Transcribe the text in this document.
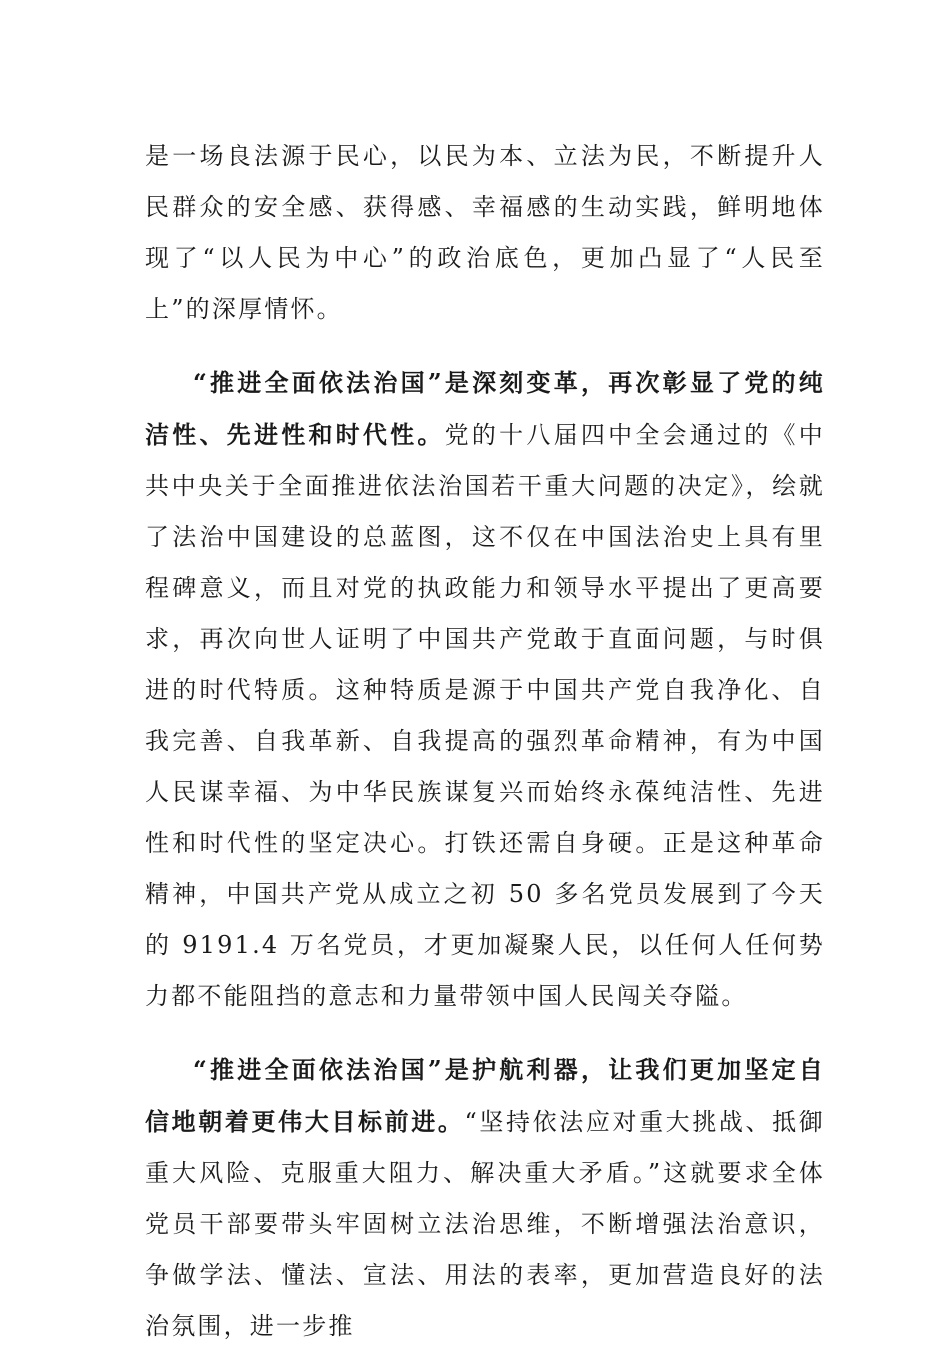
是一场良法源于民心，以民为本、立法为民，不断提升人民群众的安全感、获得感、幸福感的生动实践，鲜明地体现了“以人民为中心”的政治底色，更加凸显了“人民至上”的深厚情怀。

“推进全面依法治国”是深刻变革，再次彰显了党的纯洁性、先进性和时代性。党的十八届四中全会通过的《中共中央关于全面推进依法治国若干重大问题的决定》，绘就了法治中国建设的总蓝图，这不仅在中国法治史上具有里程碑意义，而且对党的执政能力和领导水平提出了更高要求，再次向世人证明了中国共产党敢于直面问题，与时俱进的时代特质。这种特质是源于中国共产党自我净化、自我完善、自我革新、自我提高的强烈革命精神，有为中国人民谋幸福、为中华民族谋复兴而始终永葆纯洁性、先进性和时代性的坚定决心。打铁还需自身硬。正是这种革命精神，中国共产党从成立之初 50 多名党员发展到了今天的 9191.4 万名党员，才更加凝聚人民，以任何人任何势力都不能阻挡的意志和力量带领中国人民闯关夺隘。

“推进全面依法治国”是护航利器，让我们更加坚定自信地朝着更伟大目标前进。“坚持依法应对重大挑战、抵御重大风险、克服重大阻力、解决重大矛盾。”这就要求全体党员干部要带头牢固树立法治思维，不断增强法治意识，争做学法、懂法、宣法、用法的表率，更加营造良好的法治氛围，进一步推
